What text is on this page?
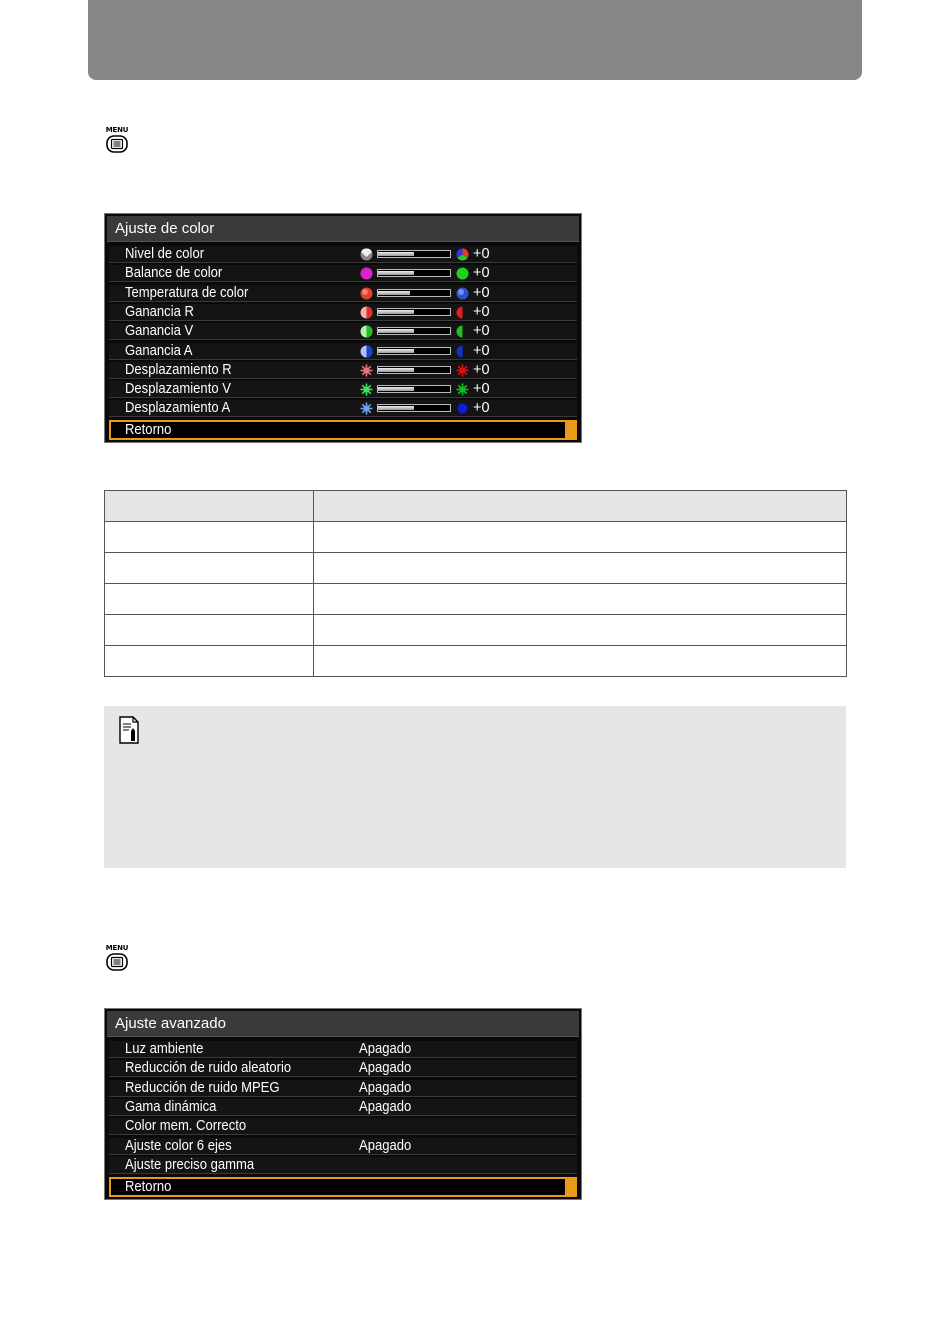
MENU
Ajuste de color
Nivel de color	+0
Balance de color	+0
Temperatura de color	+0
Ganancia R	+0
Ganancia V	+0
Ganancia A	+0
Desplazamiento R	+0
Desplazamiento V	+0
Desplazamiento A	+0
Retorno

MENU
Ajuste avanzado
Luz ambiente	Apagado
Reducción de ruido aleatorio	Apagado
Reducción de ruido MPEG	Apagado
Gama dinámica	Apagado
Color mem. Correcto
Ajuste color 6 ejes	Apagado
Ajuste preciso gamma
Retorno
